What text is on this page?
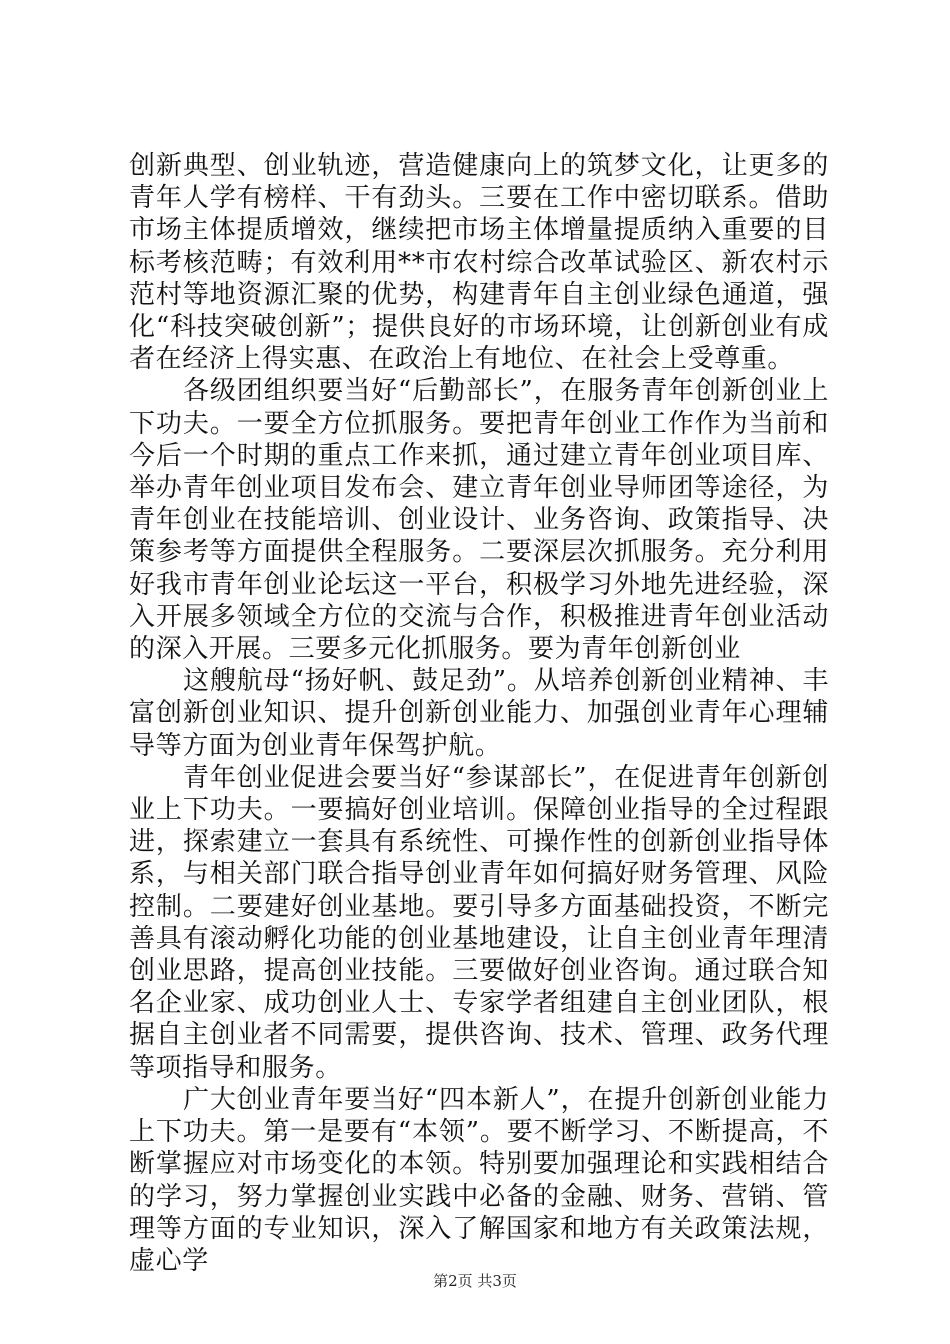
创新典型、创业轨迹，营造健康向上的筑梦文化，让更多的青年人学有榜样、干有劲头。三要在工作中密切联系。借助市场主体提质增效，继续把市场主体增量提质纳入重要的目标考核范畴；有效利用**市农村综合改革试验区、新农村示范村等地资源汇聚的优势，构建青年自主创业绿色通道，强化“科技突破创新”；提供良好的市场环境，让创新创业有成者在经济上得实惠、在政治上有地位、在社会上受尊重。

各级团组织要当好“后勤部长”，在服务青年创新创业上下功夫。一要全方位抓服务。要把青年创业工作作为当前和今后一个时期的重点工作来抓，通过建立青年创业项目库、举办青年创业项目发布会、建立青年创业导师团等途径，为青年创业在技能培训、创业设计、业务咨询、政策指导、决策参考等方面提供全程服务。二要深层次抓服务。充分利用好我市青年创业论坛这一平台，积极学习外地先进经验，深入开展多领域全方位的交流与合作，积极推进青年创业活动的深入开展。三要多元化抓服务。要为青年创新创业

这艘航母“扬好帆、鼓足劲”。从培养创新创业精神、丰富创新创业知识、提升创新创业能力、加强创业青年心理辅导等方面为创业青年保驾护航。

青年创业促进会要当好“参谋部长”，在促进青年创新创业上下功夫。一要搞好创业培训。保障创业指导的全过程跟进，探索建立一套具有系统性、可操作性的创新创业指导体系，与相关部门联合指导创业青年如何搞好财务管理、风险控制。二要建好创业基地。要引导多方面基础投资，不断完善具有滚动孵化功能的创业基地建设，让自主创业青年理清创业思路，提高创业技能。三要做好创业咨询。通过联合知名企业家、成功创业人士、专家学者组建自主创业团队，根据自主创业者不同需要，提供咨询、技术、管理、政务代理等项指导和服务。

广大创业青年要当好“四本新人”，在提升创新创业能力上下功夫。第一是要有“本领”。要不断学习、不断提高，不断掌握应对市场变化的本领。特别要加强理论和实践相结合的学习，努力掌握创业实践中必备的金融、财务、营销、管理等方面的专业知识，深入了解国家和地方有关政策法规，虚心学

第2页 共3页
